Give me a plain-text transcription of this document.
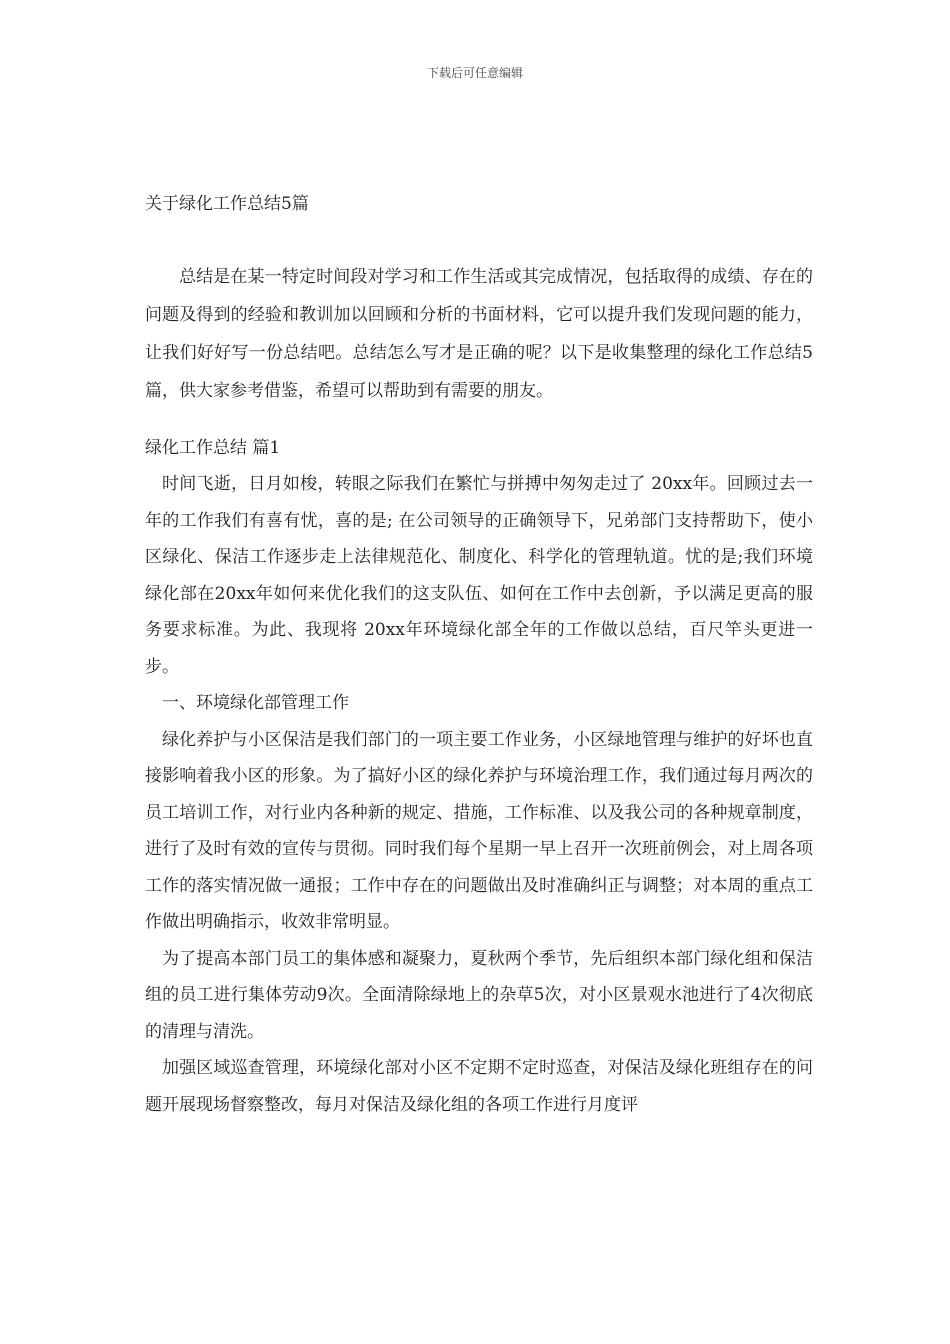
下载后可任意编辑
关于绿化工作总结5篇

总结是在某一特定时间段对学习和工作生活或其完成情况，包括取得的成绩、存在的问题及得到的经验和教训加以回顾和分析的书面材料，它可以提升我们发现问题的能力，让我们好好写一份总结吧。总结怎么写才是正确的呢？以下是收集整理的绿化工作总结5篇，供大家参考借鉴，希望可以帮助到有需要的朋友。

绿化工作总结 篇1

时间飞逝，日月如梭，转眼之际我们在繁忙与拼搏中匆匆走过了 20xx年。回顾过去一年的工作我们有喜有忧，喜的是; 在公司领导的正确领导下，兄弟部门支持帮助下，使小区绿化、保洁工作逐步走上法律规范化、制度化、科学化的管理轨道。忧的是;我们环境绿化部在20xx年如何来优化我们的这支队伍、如何在工作中去创新，予以满足更高的服务要求标准。为此、我现将 20xx年环境绿化部全年的工作做以总结，百尺竿头更进一步。

一、环境绿化部管理工作

绿化养护与小区保洁是我们部门的一项主要工作业务，小区绿地管理与维护的好坏也直接影响着我小区的形象。为了搞好小区的绿化养护与环境治理工作，我们通过每月两次的员工培训工作，对行业内各种新的规定、措施，工作标准、以及我公司的各种规章制度，进行了及时有效的宣传与贯彻。同时我们每个星期一早上召开一次班前例会，对上周各项工作的落实情况做一通报；工作中存在的问题做出及时准确纠正与调整；对本周的重点工作做出明确指示，收效非常明显。

为了提高本部门员工的集体感和凝聚力，夏秋两个季节，先后组织本部门绿化组和保洁组的员工进行集体劳动9次。全面清除绿地上的杂草5次，对小区景观水池进行了4次彻底的清理与清洗。

加强区域巡查管理，环境绿化部对小区不定期不定时巡查，对保洁及绿化班组存在的问题开展现场督察整改，每月对保洁及绿化组的各项工作进行月度评
